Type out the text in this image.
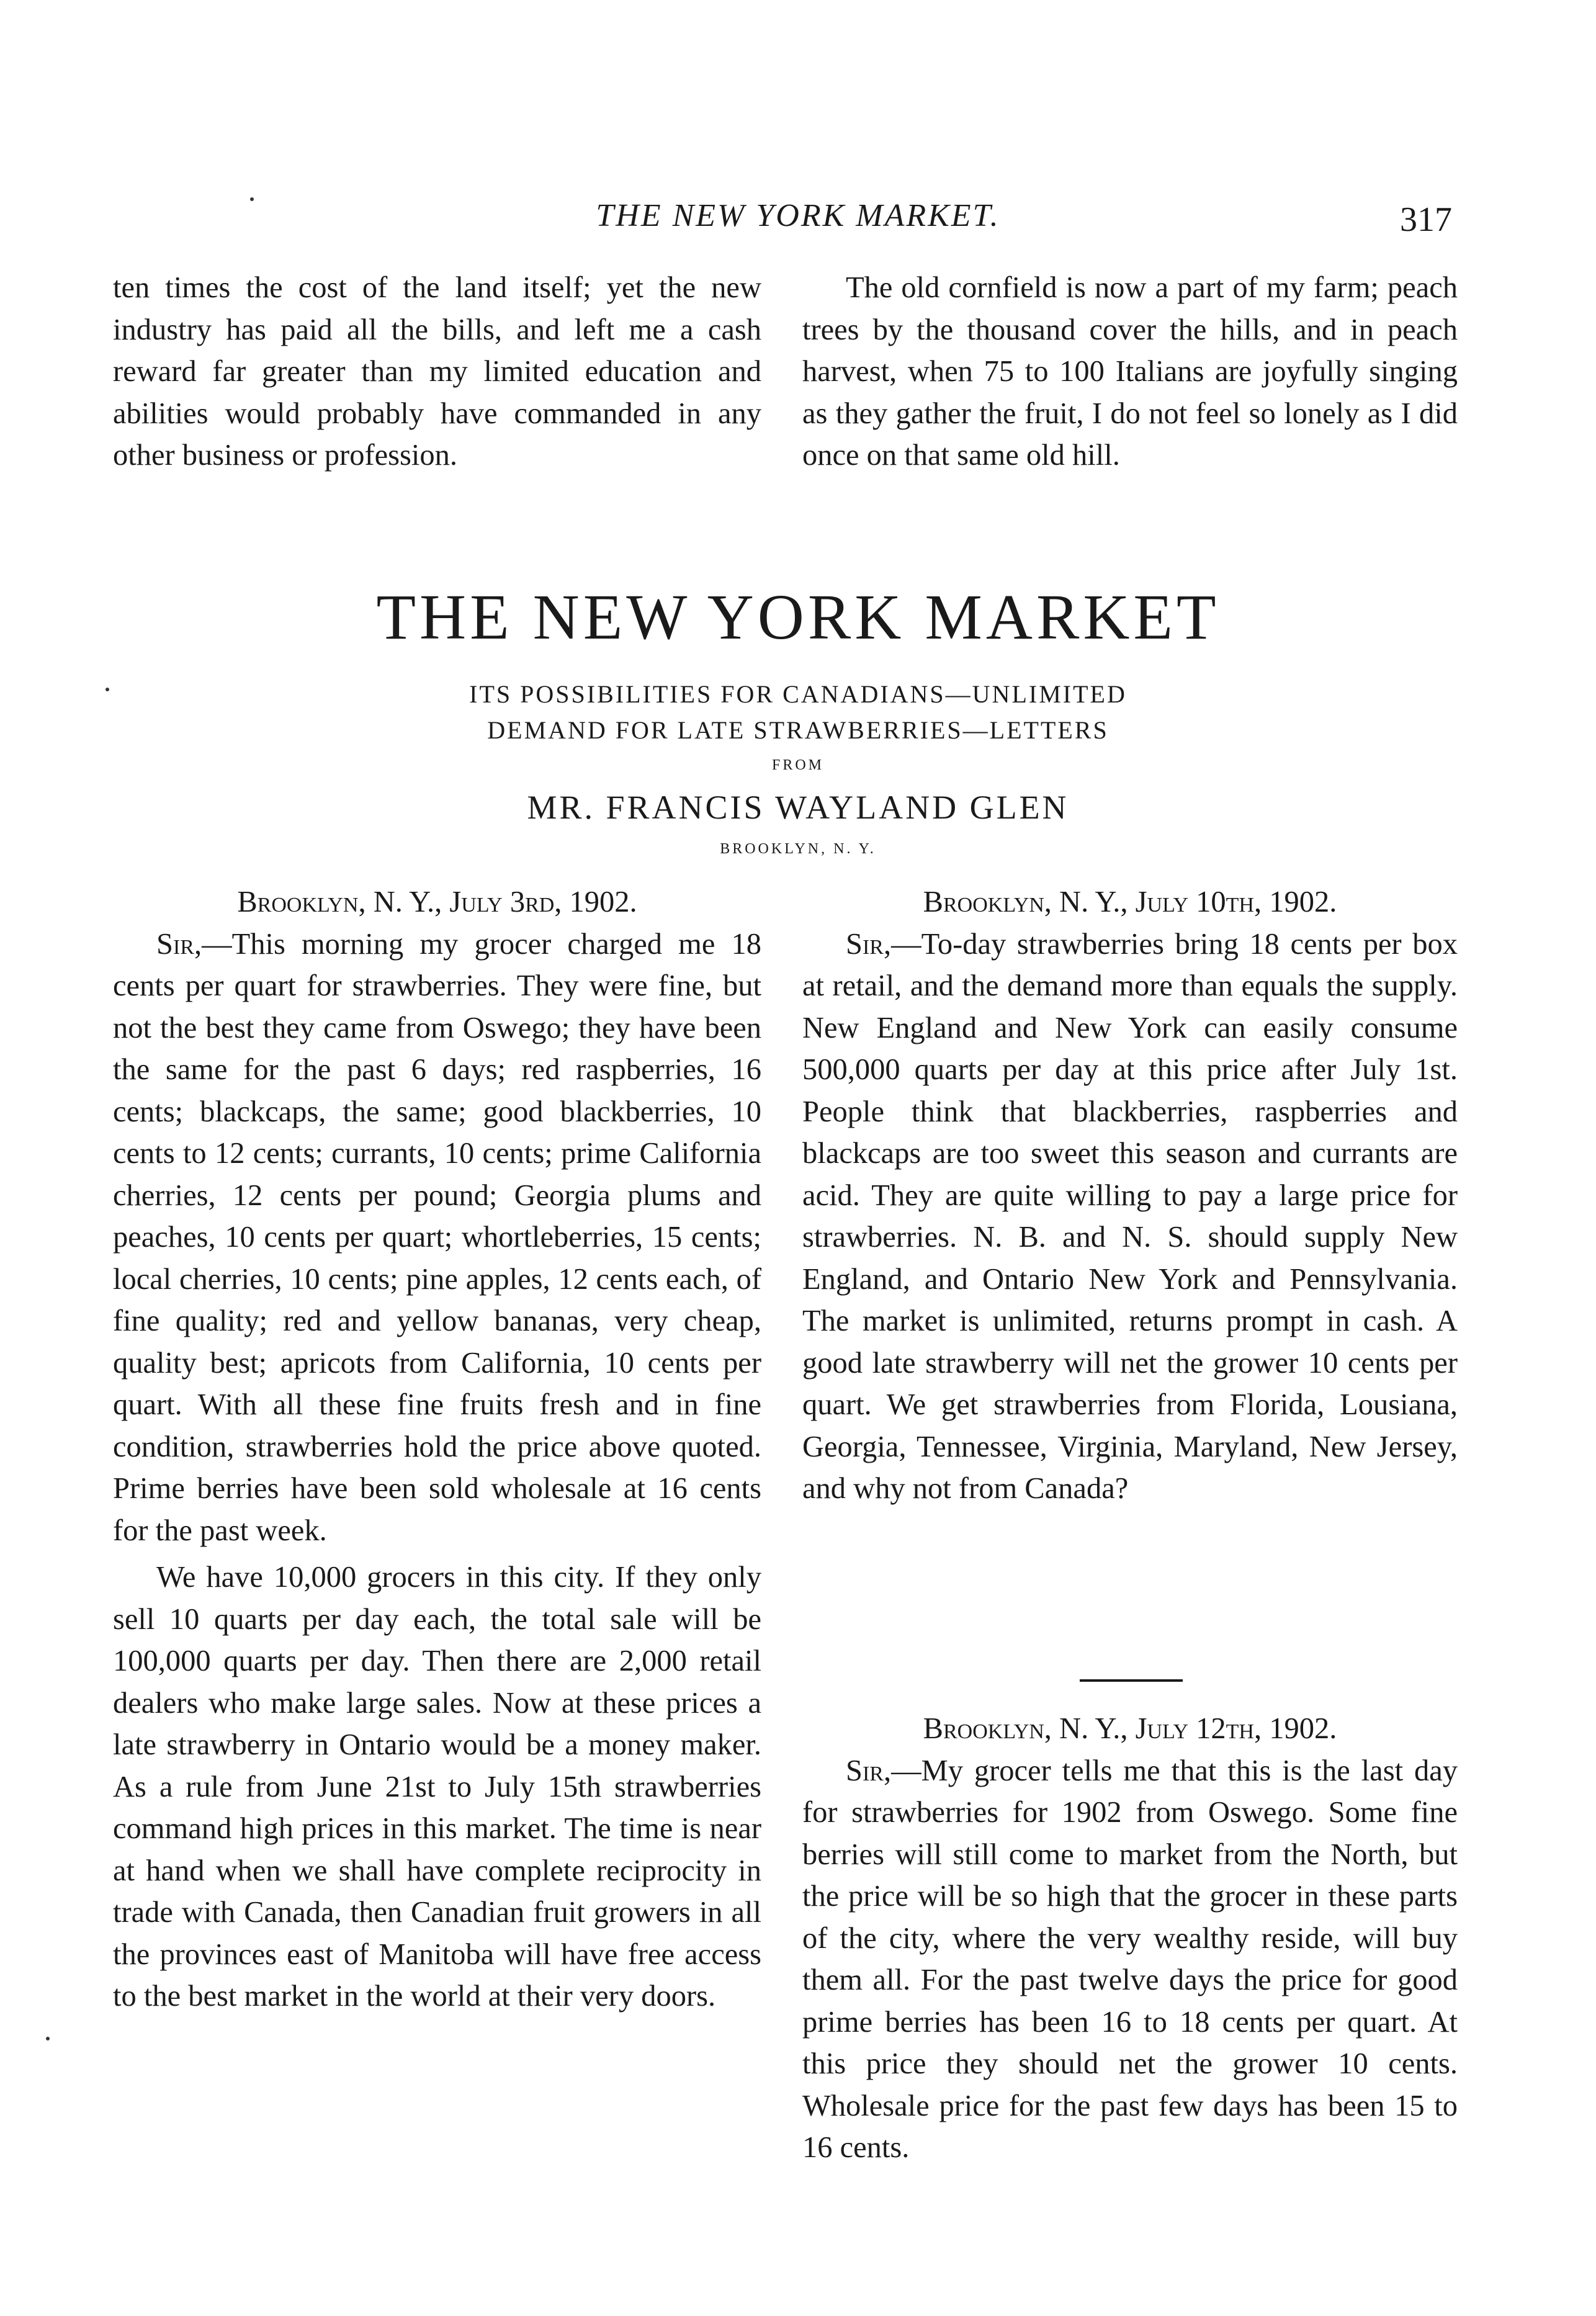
THE NEW YORK MARKET.	317

ten times the cost of the land itself; yet the new industry has paid all the bills, and left me a cash reward far greater than my limited education and abilities would probably have commanded in any other business or profession.

The old cornfield is now a part of my farm; peach trees by the thousand cover the hills, and in peach harvest, when 75 to 100 Italians are joyfully singing as they gather the fruit, I do not feel so lonely as I did once on that same old hill.

THE NEW YORK MARKET
ITS POSSIBILITIES FOR CANADIANS—UNLIMITED
DEMAND FOR LATE STRAWBERRIES—LETTERS
FROM
MR. FRANCIS WAYLAND GLEN
BROOKLYN, N. Y.

Brooklyn, N. Y., July 3rd, 1902.

Sir,—This morning my grocer charged me 18 cents per quart for strawberries. They were fine, but not the best they came from Oswego; they have been the same for the past 6 days; red raspberries, 16 cents; blackcaps, the same; good blackberries, 10 cents to 12 cents; currants, 10 cents; prime California cherries, 12 cents per pound; Georgia plums and peaches, 10 cents per quart; whortleberries, 15 cents; local cherries, 10 cents; pine apples, 12 cents each, of fine quality; red and yellow bananas, very cheap, quality best; apricots from California, 10 cents per quart. With all these fine fruits fresh and in fine condition, strawberries hold the price above quoted. Prime berries have been sold wholesale at 16 cents for the past week.

We have 10,000 grocers in this city. If they only sell 10 quarts per day each, the total sale will be 100,000 quarts per day. Then there are 2,000 retail dealers who make large sales. Now at these prices a late strawberry in Ontario would be a money maker. As a rule from June 21st to July 15th strawberries command high prices in this market. The time is near at hand when we shall have complete reciprocity in trade with Canada, then Canadian fruit growers in all the provinces east of Manitoba will have free access to the best market in the world at their very doors.

Brooklyn, N. Y., July 10th, 1902.

Sir,—To-day strawberries bring 18 cents per box at retail, and the demand more than equals the supply. New England and New York can easily consume 500,000 quarts per day at this price after July 1st. People think that blackberries, raspberries and blackcaps are too sweet this season and currants are acid. They are quite willing to pay a large price for strawberries. N. B. and N. S. should supply New England, and Ontario New York and Pennsylvania. The market is unlimited, returns prompt in cash. A good late strawberry will net the grower 10 cents per quart. We get strawberries from Florida, Lousiana, Georgia, Tennessee, Virginia, Maryland, New Jersey, and why not from Canada?

Brooklyn, N. Y., July 12th, 1902.

Sir,—My grocer tells me that this is the last day for strawberries for 1902 from Oswego. Some fine berries will still come to market from the North, but the price will be so high that the grocer in these parts of the city, where the very wealthy reside, will buy them all. For the past twelve days the price for good prime berries has been 16 to 18 cents per quart. At this price they should net the grower 10 cents. Wholesale price for the past few days has been 15 to 16 cents.
